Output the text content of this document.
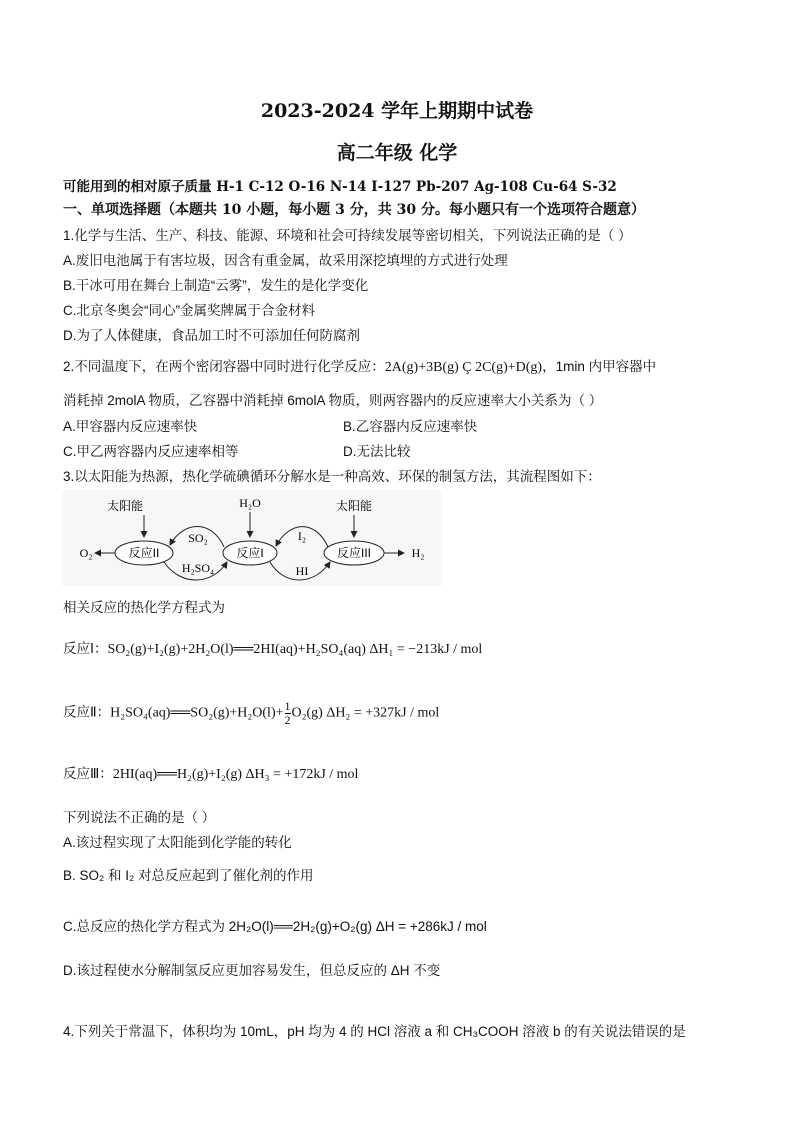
2023-2024 学年上期期中试卷
高二年级 化学
可能用到的相对原子质量 H-1 C-12 O-16 N-14 I-127 Pb-207 Ag-108 Cu-64 S-32
一、单项选择题（本题共 10 小题，每小题 3 分，共 30 分。每小题只有一个选项符合题意）
1.化学与生活、生产、科技、能源、环境和社会可持续发展等密切相关，下列说法正确的是（ ）
A.废旧电池属于有害垃圾，因含有重金属，故采用深挖填埋的方式进行处理
B.干冰可用在舞台上制造“云雾”，发生的是化学变化
C.北京冬奥会“同心”金属奖牌属于合金材料
D.为了人体健康，食品加工时不可添加任何防腐剂
2.不同温度下，在两个密闭容器中同时进行化学反应：2A(g)+3B(g) Ç 2C(g)+D(g)，1min 内甲容器中
消耗掉 2molA 物质，乙容器中消耗掉 6molA 物质，则两容器内的反应速率大小关系为（ ）
A.甲容器内反应速率快	B.乙容器内反应速率快
C.甲乙两容器内反应速率相等	D.无法比较
3.以太阳能为热源，热化学硫碘循环分解水是一种高效、环保的制氢方法，其流程图如下：
太阳能	H₂O	太阳能
反应II	反应I	反应III
O₂	H₂
SO₂
H₂SO₄
I₂
HI
相关反应的热化学方程式为
反应Ⅰ：SO₂(g)+I₂(g)+2H₂O(l)══2HI(aq)+H₂SO₄(aq) ΔH₁ = −213kJ / mol
反应Ⅱ：H₂SO₄(aq)══SO₂(g)+H₂O(l)+ $\frac{1}{2} O_2(g) \Delta H_2 = +327kJ$ / mol
反应Ⅲ：2HI(aq)══H₂(g)+I₂(g) ΔH₃ = +172kJ / mol
下列说法不正确的是（ ）
A.该过程实现了太阳能到化学能的转化
B. SO₂ 和 I₂ 对总反应起到了催化剂的作用
C.总反应的热化学方程式为 2H₂O(l)══2H₂(g)+O₂(g) ΔH = +286kJ / mol
D.该过程使水分解制氢反应更加容易发生，但总反应的 ΔH 不变
4.下列关于常温下，体积均为 10mL，pH 均为 4 的 HCl 溶液 a 和 CH₃COOH 溶液 b 的有关说法错误的是
